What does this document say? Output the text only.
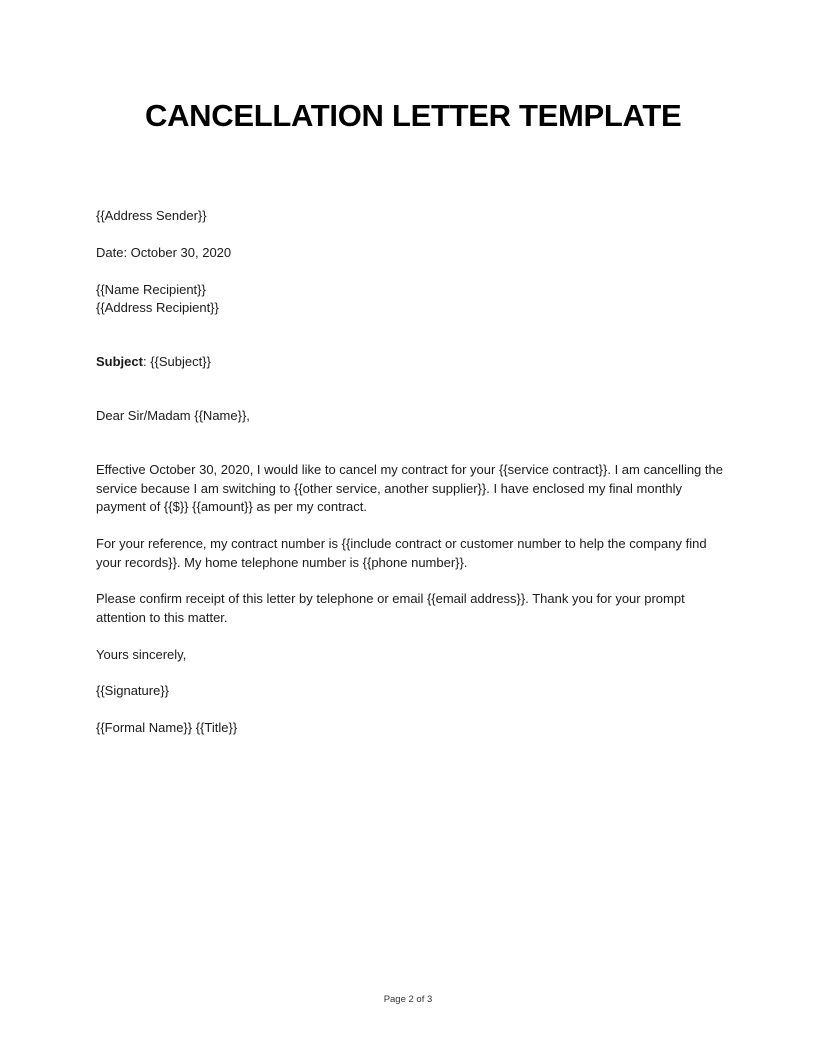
CANCELLATION LETTER TEMPLATE

{{Address Sender}}

Date: October 30, 2020

{{Name Recipient}}

{{Address Recipient}}

Subject: {{Subject}}

Dear Sir/Madam {{Name}},

Effective October 30, 2020, I would like to cancel my contract for your {{service contract}}. I am cancelling the service because I am switching to {{other service, another supplier}}. I have enclosed my final monthly payment of {{$}} {{amount}} as per my contract.

For your reference, my contract number is {{include contract or customer number to help the company find your records}}. My home telephone number is {{phone number}}.

Please confirm receipt of this letter by telephone or email {{email address}}. Thank you for your prompt attention to this matter.

Yours sincerely,

{{Signature}}

{{Formal Name}} {{Title}}

Page 2 of 3
